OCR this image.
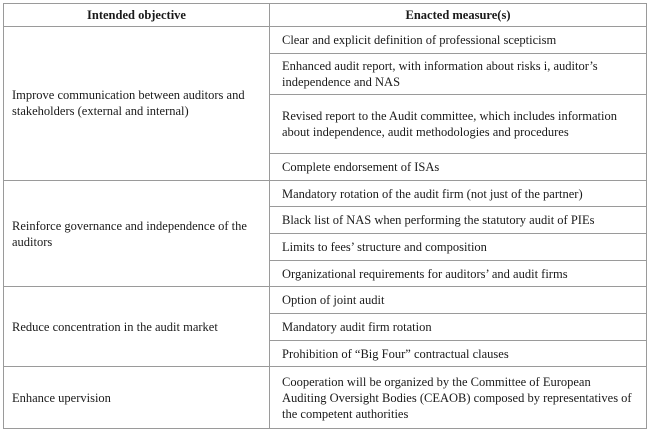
Intended objective	Enacted measure(s)
Improve communication between auditors and stakeholders (external and internal)	Clear and explicit definition of professional scepticism
	Enhanced audit report, with information about risks i, auditor’s independence and NAS
	Revised report to the Audit committee, which includes information about independence, audit methodologies and procedures
	Complete endorsement of ISAs
Reinforce governance and independence of the auditors	Mandatory rotation of the audit firm (not just of the partner)
	Black list of NAS when performing the statutory audit of PIEs
	Limits to fees’ structure and composition
	Organizational requirements for auditors’ and audit firms
Reduce concentration in the audit market	Option of joint audit
	Mandatory audit firm rotation
	Prohibition of “Big Four” contractual clauses
Enhance upervision	Cooperation will be organized by the Committee of European Auditing Oversight Bodies (CEAOB) composed by representatives of the competent authorities
